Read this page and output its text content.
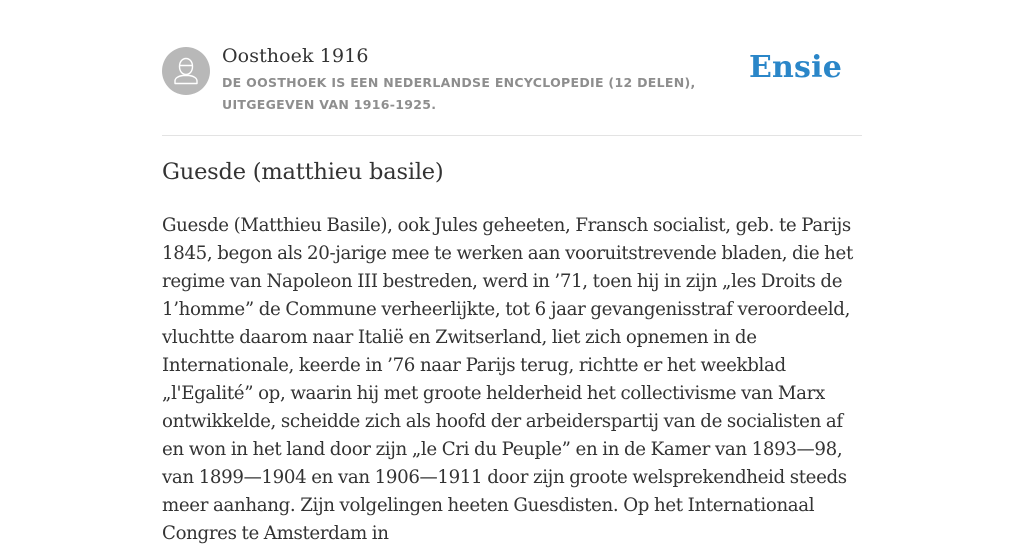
Oosthoek 1916
DE OOSTHOEK IS EEN NEDERLANDSE ENCYCLOPEDIE (12 DELEN), UITGEGEVEN VAN 1916-1925.
Ensie
Guesde (matthieu basile)

Guesde (Matthieu Basile), ook Jules geheeten, Fransch socialist, geb. te Parijs 1845, begon als 20-jarige mee te werken aan vooruitstrevende bladen, die het regime van Napoleon III bestreden, werd in ’71, toen hij in zijn „les Droits de 1’homme” de Commune verheerlijkte, tot 6 jaar gevangenisstraf veroordeeld, vluchtte daarom naar Italië en Zwitserland, liet zich opnemen in de Internationale, keerde in ’76 naar Parijs terug, richtte er het weekblad „l'Egalité” op, waarin hij met groote helderheid het collectivisme van Marx ontwikkelde, scheidde zich als hoofd der arbeiderspartij van de socialisten af en won in het land door zijn „le Cri du Peuple” en in de Kamer van 1893—98, van 1899—1904 en van 1906—1911 door zijn groote welsprekendheid steeds meer aanhang. Zijn volgelingen heeten Guesdisten. Op het Internationaal Congres te Amsterdam in
